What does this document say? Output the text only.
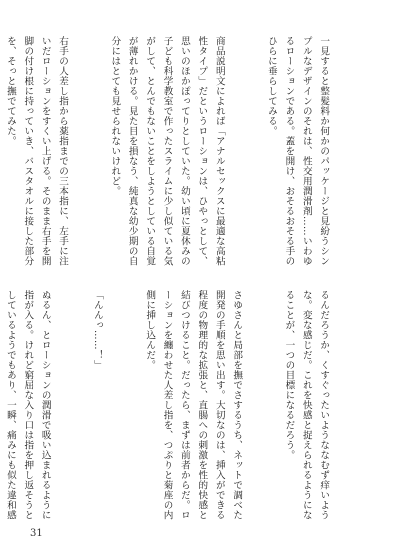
一見すると整髪料か何かのパッケージと見紛うシンプルなデザインのそれは、性交用潤滑剤……いわゆるローションである。蓋を開け、おそるおそる手のひらに垂らしてみる。

商品説明文によれば「アナルセックスに最適な高粘性タイプ」だというローションは、ひやっとして、思いのほかぽってりとしていた。幼い頃に夏休みの子ども科学教室で作ったスライムに少し似ている気がして、とんでもないことをしようとしている自覚が薄れかける。見た目を損なう、純真な幼少期の自分にはとても見せられないけれど。

右手の人差し指から薬指までの三本指に、左手に注いだローションをすくい上げる。そのまま右手を開脚の付け根に持っていき、バスタオルに接した部分を、そっと撫でてみた。

るんだろうか、くすぐったいようななむず痒いような。変な感じだ。これを快感と捉えられるようになることが、一つの目標になるだろう。

さゆさんと局部を撫でさするうち、ネットで調べた開発の手順を思い出す。大切なのは、挿入ができる程度の物理的な拡張と、直腸への刺激を性的快感と結びつけること。だったら、まずは前者からだ。ローションを纏わせた人差し指を、つぷりと菊座の内側に挿し込んだ。

「んんっ……！」

ぬるん、とローションの潤滑で吸い込まれるように指が入る。けれど窮屈な入り口は指を押し返そうとしているようでもあり、一瞬、痛みにも似た違和感

31
